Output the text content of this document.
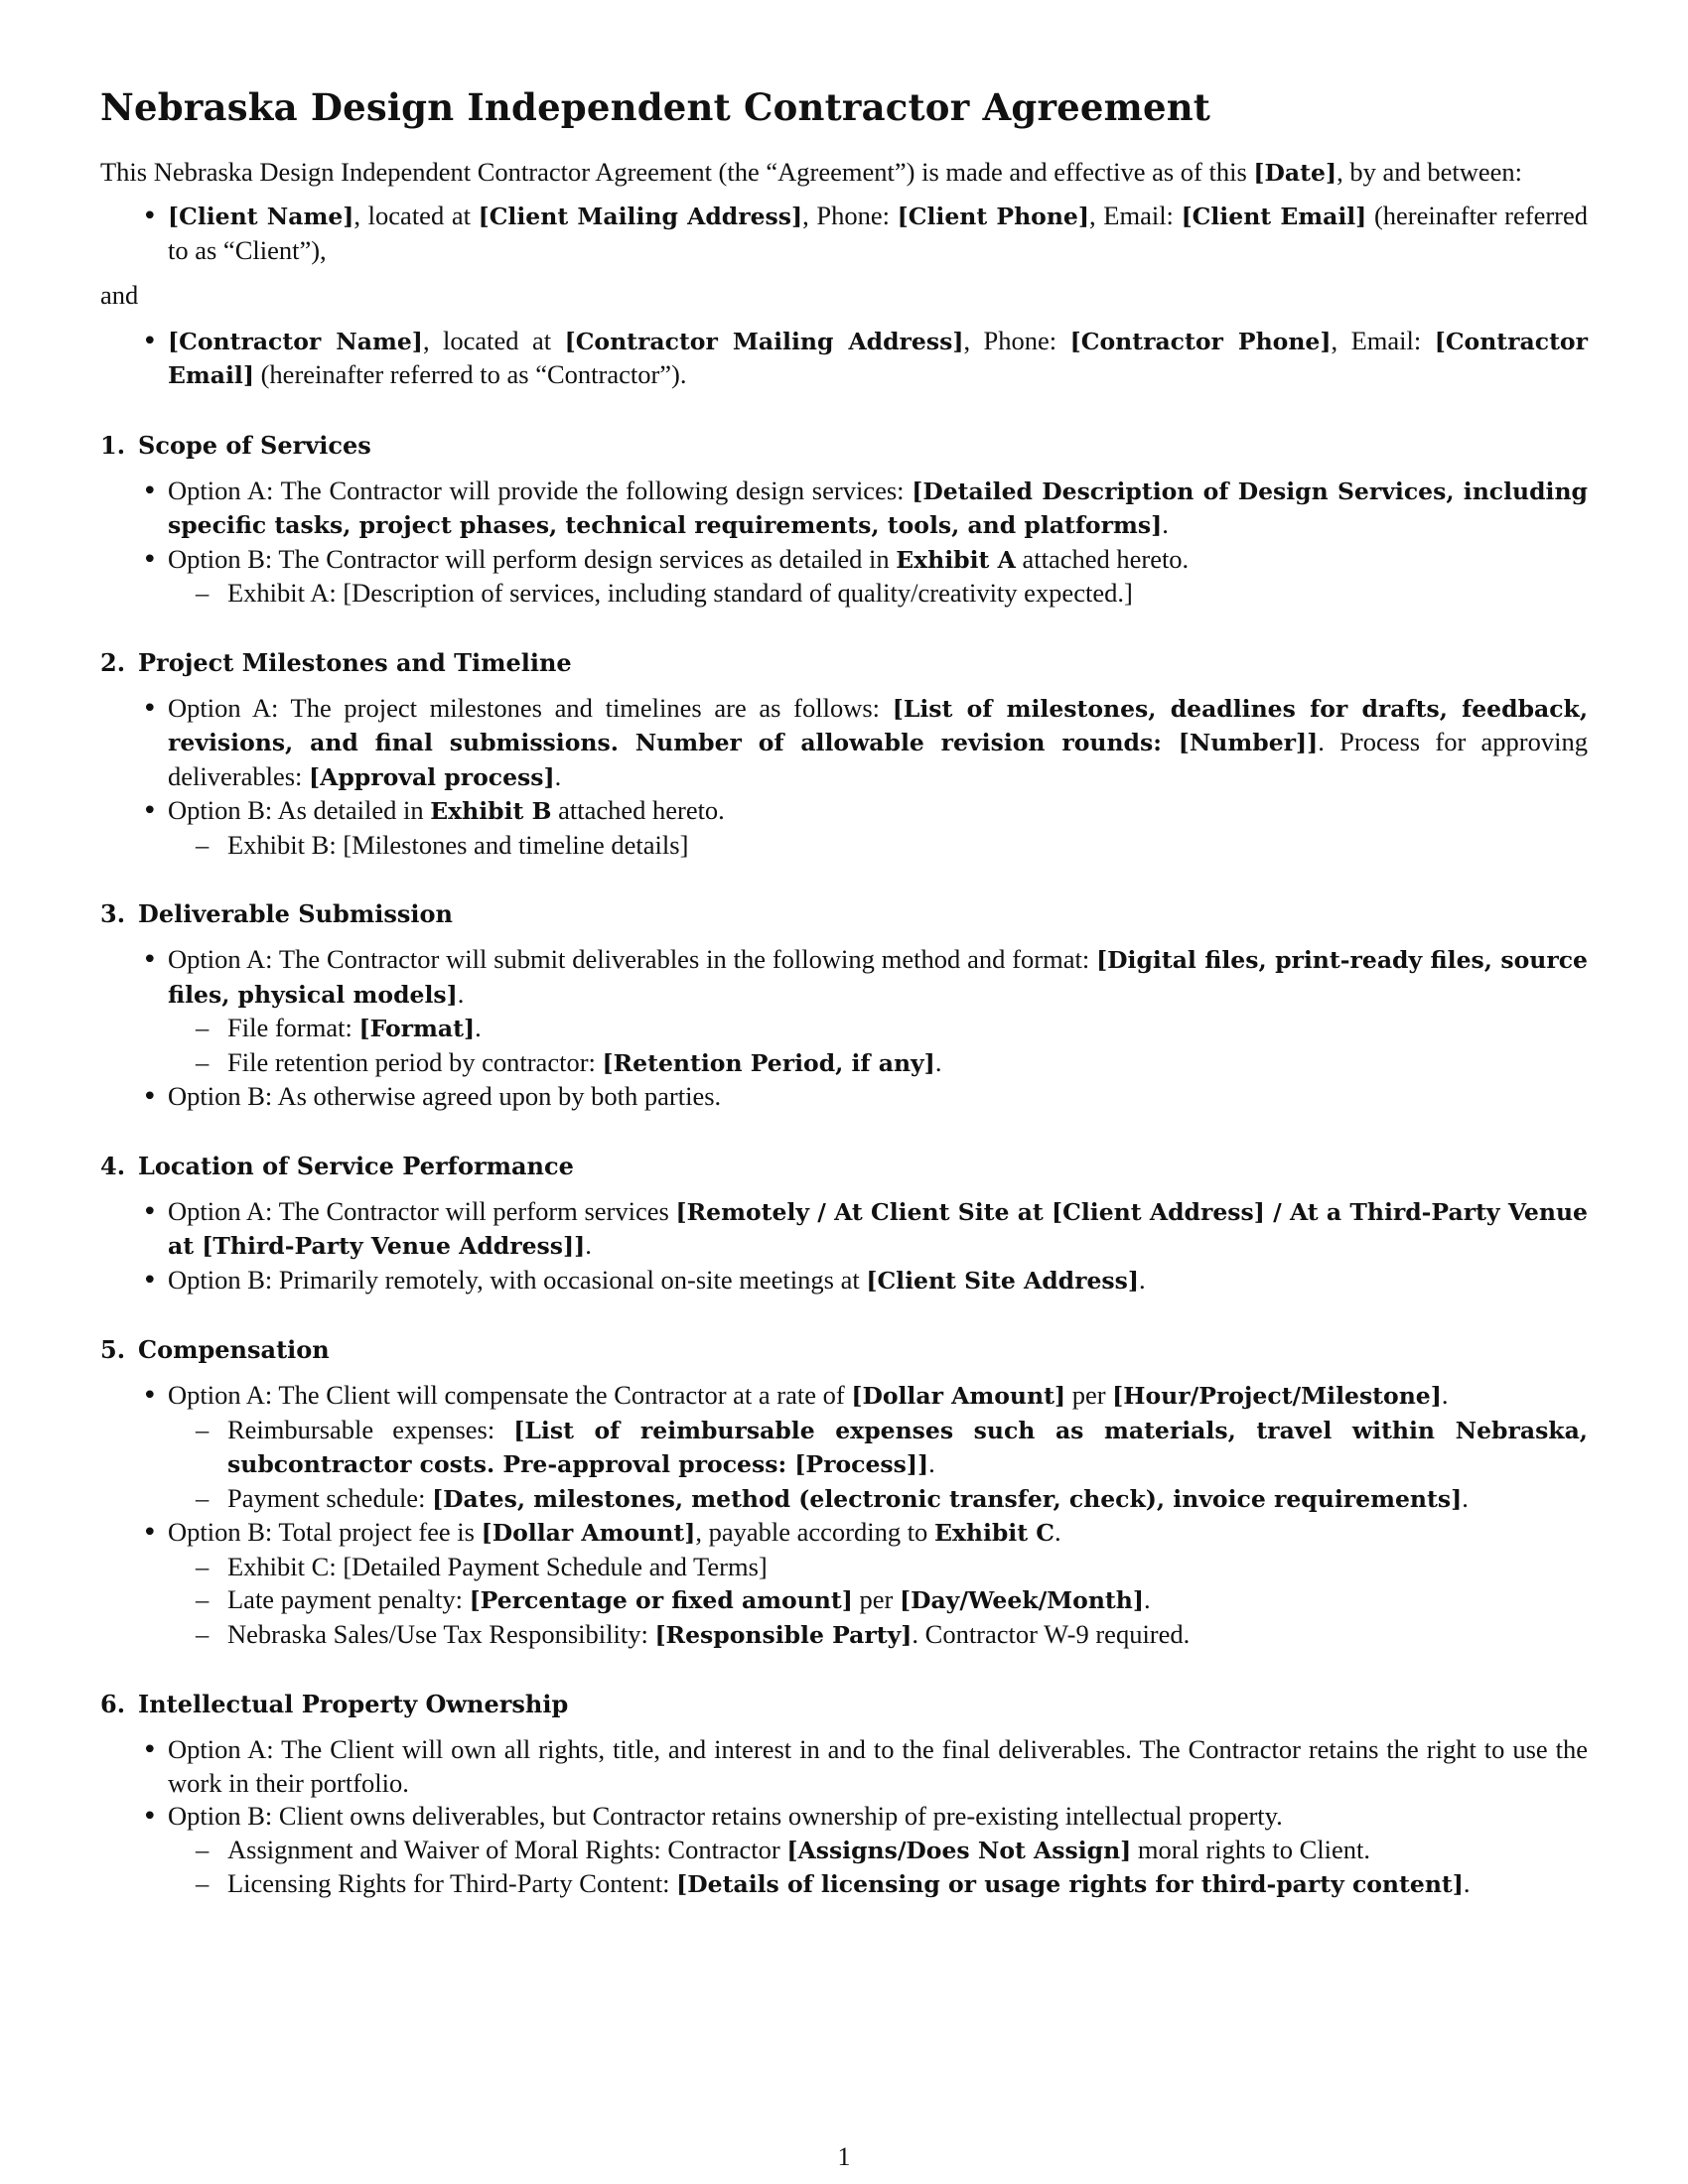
Nebraska Design Independent Contractor Agreement

This Nebraska Design Independent Contractor Agreement (the “Agreement”) is made and effective as of this [Date], by and between:

• [Client Name], located at [Client Mailing Address], Phone: [Client Phone], Email: [Client Email] (hereinafter referred to as “Client”),

and

• [Contractor Name], located at [Contractor Mailing Address], Phone: [Contractor Phone], Email: [Contractor Email] (hereinafter referred to as “Contractor”).
1. Scope of Services
• Option A: The Contractor will provide the following design services: [Detailed Description of Design Services, including specific tasks, project phases, technical requirements, tools, and platforms].
• Option B: The Contractor will perform design services as detailed in Exhibit A attached hereto.
– Exhibit A: [Description of services, including standard of quality/creativity expected.]
2. Project Milestones and Timeline
• Option A: The project milestones and timelines are as follows: [List of milestones, deadlines for drafts, feedback, revisions, and final submissions. Number of allowable revision rounds: [Number]]. Process for approving deliverables: [Approval process].
• Option B: As detailed in Exhibit B attached hereto.
– Exhibit B: [Milestones and timeline details]
3. Deliverable Submission
• Option A: The Contractor will submit deliverables in the following method and format: [Digital files, print-ready files, source files, physical models].
– File format: [Format].
– File retention period by contractor: [Retention Period, if any].
• Option B: As otherwise agreed upon by both parties.
4. Location of Service Performance
• Option A: The Contractor will perform services [Remotely / At Client Site at [Client Address] / At a Third-Party Venue at [Third-Party Venue Address]].
• Option B: Primarily remotely, with occasional on-site meetings at [Client Site Address].
5. Compensation
• Option A: The Client will compensate the Contractor at a rate of [Dollar Amount] per [Hour/Project/Milestone].
– Reimbursable expenses: [List of reimbursable expenses such as materials, travel within Nebraska, subcontractor costs. Pre-approval process: [Process]].
– Payment schedule: [Dates, milestones, method (electronic transfer, check), invoice requirements].
• Option B: Total project fee is [Dollar Amount], payable according to Exhibit C.
– Exhibit C: [Detailed Payment Schedule and Terms]
– Late payment penalty: [Percentage or fixed amount] per [Day/Week/Month].
– Nebraska Sales/Use Tax Responsibility: [Responsible Party]. Contractor W-9 required.
6. Intellectual Property Ownership
• Option A: The Client will own all rights, title, and interest in and to the final deliverables. The Contractor retains the right to use the work in their portfolio.
• Option B: Client owns deliverables, but Contractor retains ownership of pre-existing intellectual property.
– Assignment and Waiver of Moral Rights: Contractor [Assigns/Does Not Assign] moral rights to Client.
– Licensing Rights for Third-Party Content: [Details of licensing or usage rights for third-party content].
1
